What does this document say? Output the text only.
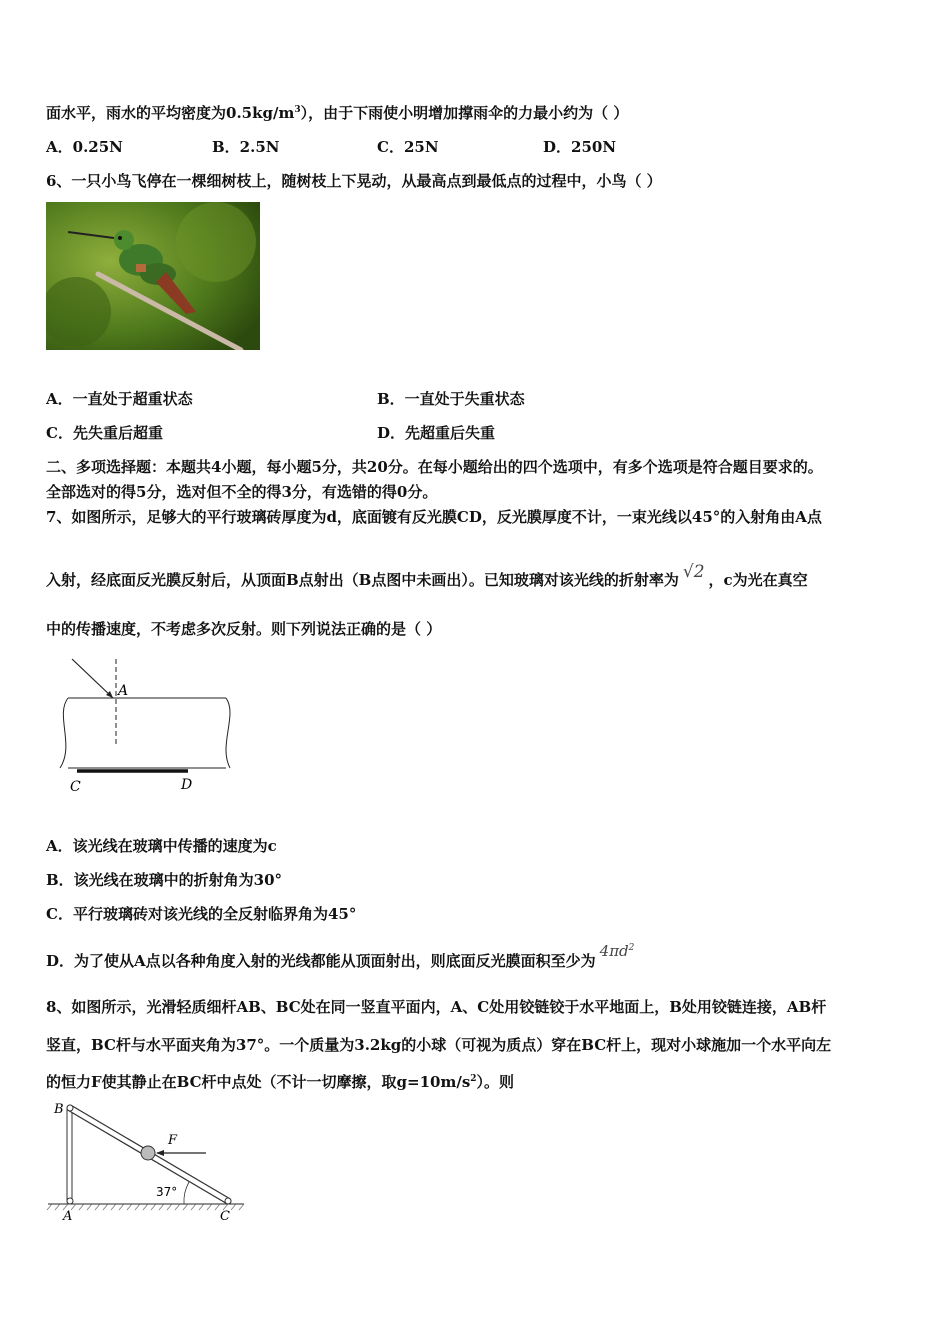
面水平，雨水的平均密度为$0.5kg/m^3$），由于下雨使小明增加撑雨伞的力最小约为（ ）
A．0.25N	B．2.5N	C．25N	D．250N
6、一只小鸟飞停在一棵细树枝上，随树枝上下晃动，从最高点到最低点的过程中，小鸟（ ）
A．一直处于超重状态	B．一直处于失重状态
C．先失重后超重	D．先超重后失重
二、多项选择题：本题共4小题，每小题5分，共20分。在每小题给出的四个选项中，有多个选项是符合题目要求的。
全部选对的得5分，选对但不全的得3分，有选错的得0分。
7、如图所示，足够大的平行玻璃砖厚度为d，底面镀有反光膜CD，反光膜厚度不计，一束光线以45°的入射角由A点
入射，经底面反光膜反射后，从顶面B点射出（B点图中未画出）。已知玻璃对该光线的折射率为 √2 ，c为光在真空
中的传播速度，不考虑多次反射。则下列说法正确的是（ ）
A
C	D
A．该光线在玻璃中传播的速度为c
B．该光线在玻璃中的折射角为30°
C．平行玻璃砖对该光线的全反射临界角为45°
D．为了使从A点以各种角度入射的光线都能从顶面射出，则底面反光膜面积至少为$4\pi d^2$
8、如图所示，光滑轻质细杆AB、BC处在同一竖直平面内，A、C处用铰链铰于水平地面上，B处用铰链连接，AB杆
竖直，BC杆与水平面夹角为37°。一个质量为3.2kg的小球（可视为质点）穿在BC杆上，现对小球施加一个水平向左
的恒力F使其静止在BC杆中点处（不计一切摩擦，取$g=10m/s^2$）。则
B
A	C
F
37°
